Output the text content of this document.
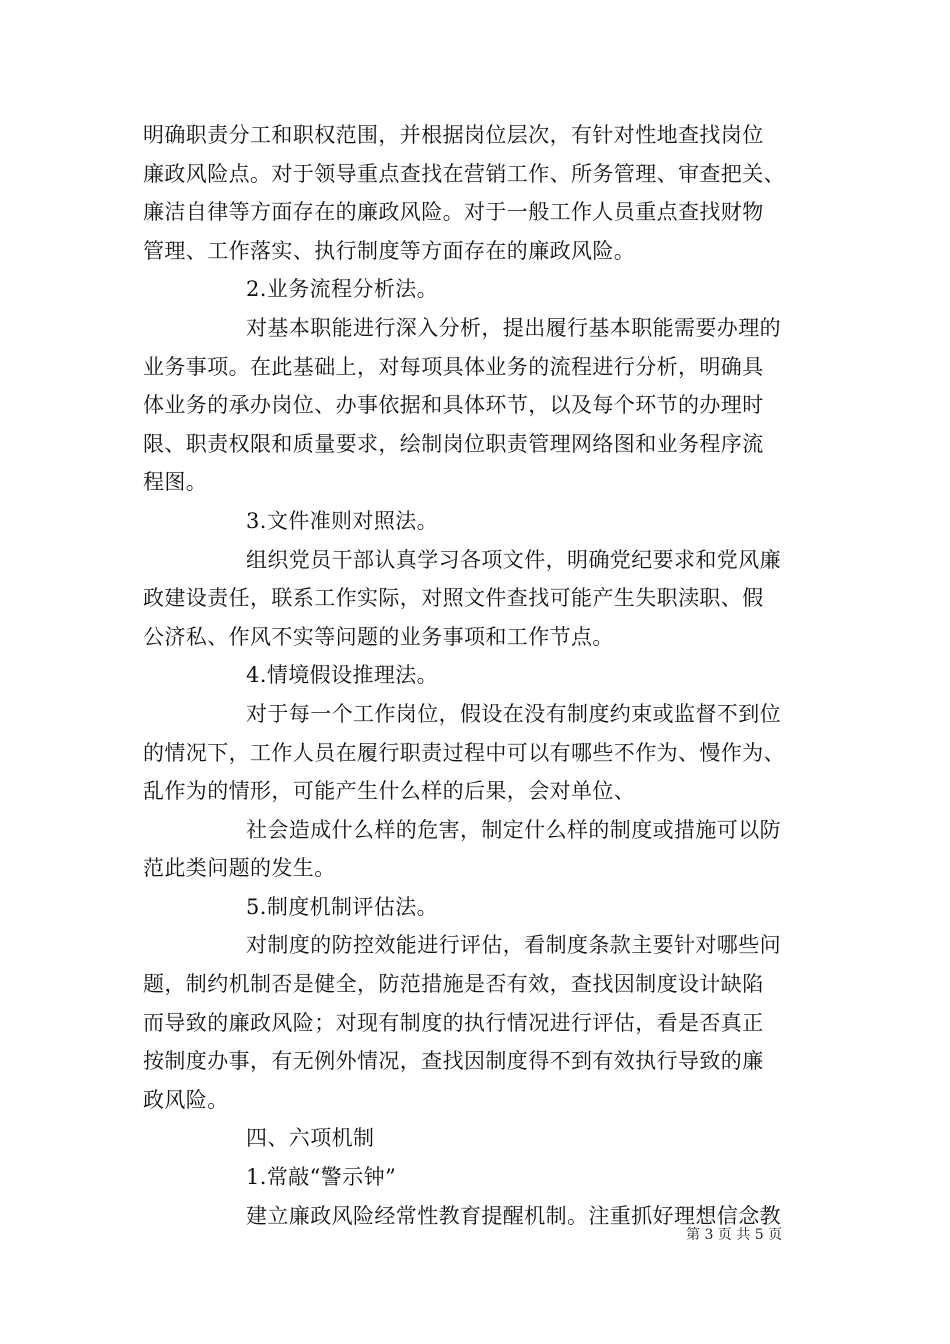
明确职责分工和职权范围，并根据岗位层次，有针对性地查找岗位
廉政风险点。对于领导重点查找在营销工作、所务管理、审查把关、
廉洁自律等方面存在的廉政风险。对于一般工作人员重点查找财物
管理、工作落实、执行制度等方面存在的廉政风险。
2.业务流程分析法。
对基本职能进行深入分析，提出履行基本职能需要办理的
业务事项。在此基础上，对每项具体业务的流程进行分析，明确具
体业务的承办岗位、办事依据和具体环节，以及每个环节的办理时
限、职责权限和质量要求，绘制岗位职责管理网络图和业务程序流
程图。
3.文件准则对照法。
组织党员干部认真学习各项文件，明确党纪要求和党风廉
政建设责任，联系工作实际，对照文件查找可能产生失职渎职、假
公济私、作风不实等问题的业务事项和工作节点。
4.情境假设推理法。
对于每一个工作岗位，假设在没有制度约束或监督不到位
的情况下，工作人员在履行职责过程中可以有哪些不作为、慢作为、
乱作为的情形，可能产生什么样的后果，会对单位、
社会造成什么样的危害，制定什么样的制度或措施可以防
范此类问题的发生。
5.制度机制评估法。
对制度的防控效能进行评估，看制度条款主要针对哪些问
题，制约机制否是健全，防范措施是否有效，查找因制度设计缺陷
而导致的廉政风险；对现有制度的执行情况进行评估，看是否真正
按制度办事，有无例外情况，查找因制度得不到有效执行导致的廉
政风险。
四、六项机制
1.常敲“警示钟”
建立廉政风险经常性教育提醒机制。注重抓好理想信念教
第 3 页 共 5 页
